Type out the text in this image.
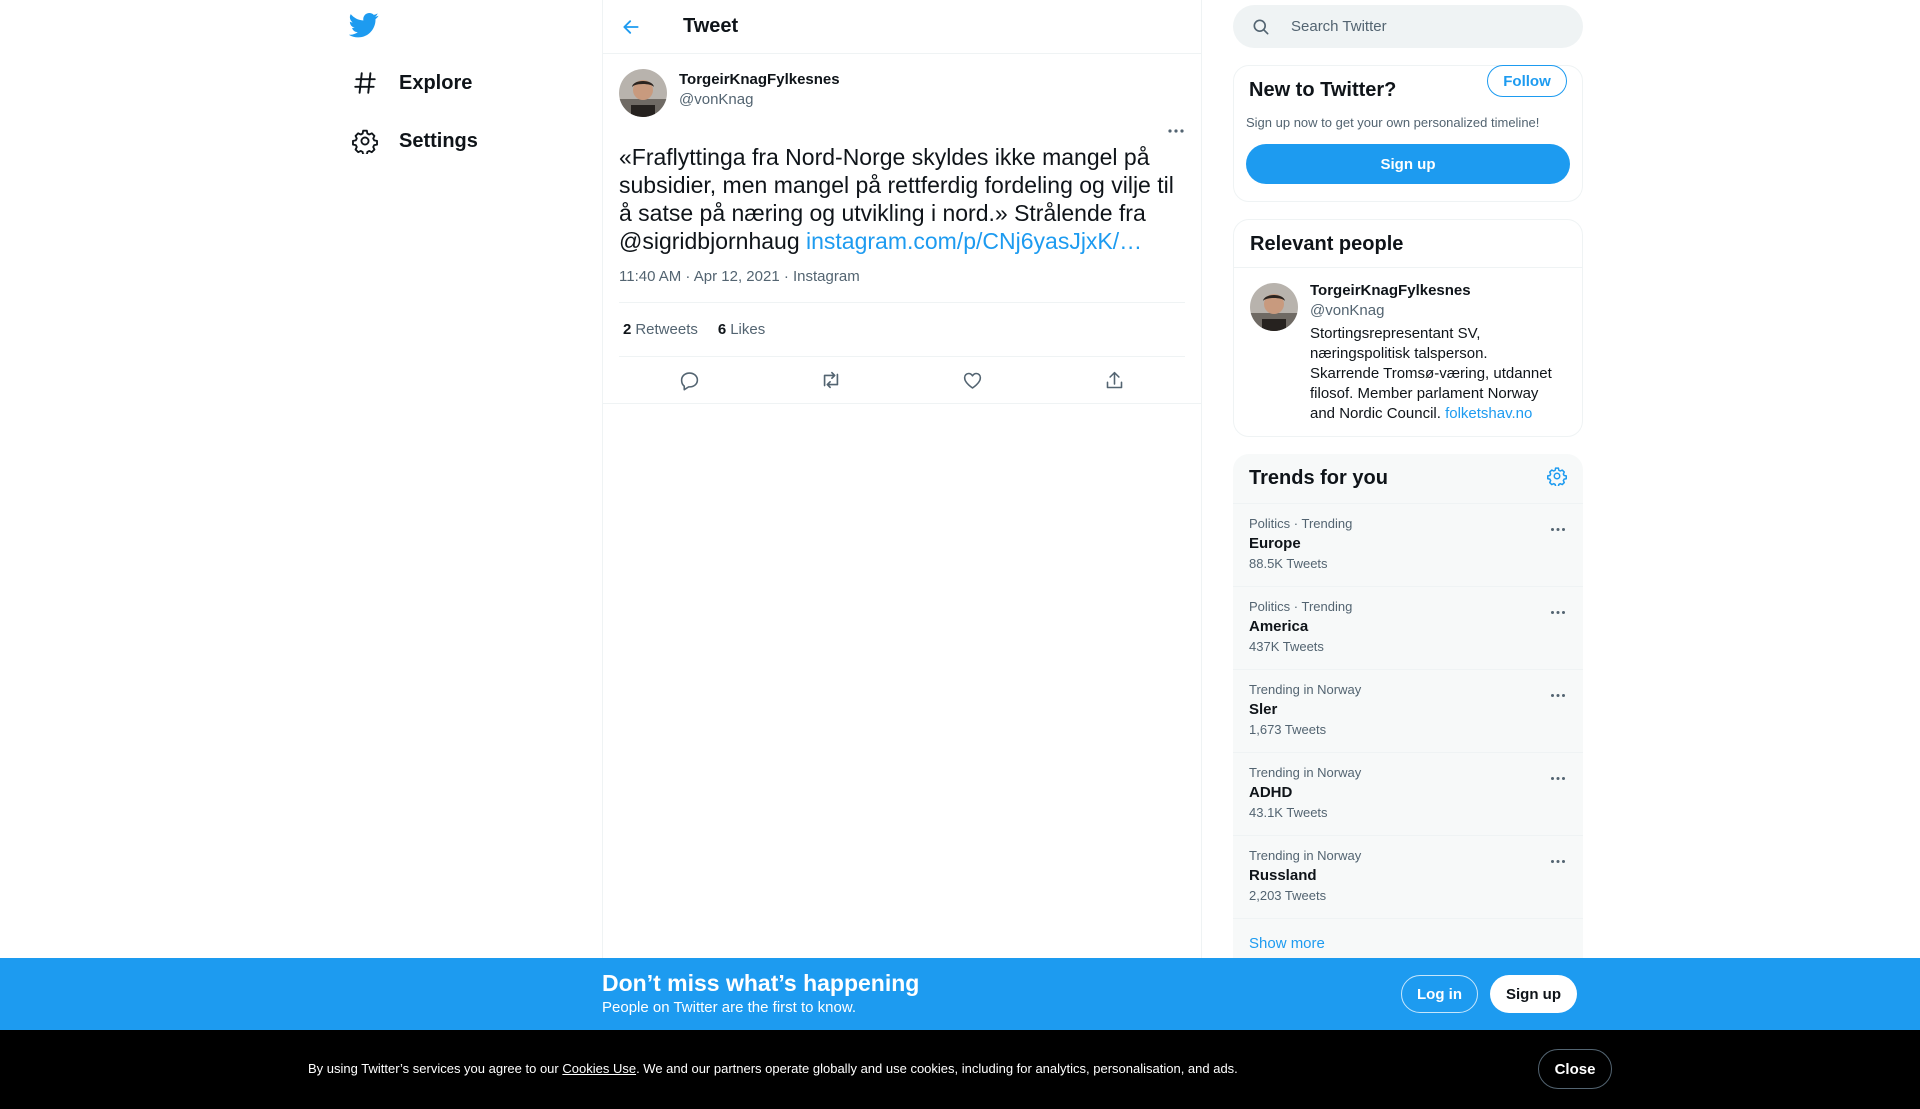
Explore
Settings
Tweet
TorgeirKnagFylkesnes
@vonKnag

«Fraflyttinga fra Nord-Norge skyldes ikke mangel på subsidier, men mangel på rettferdig fordeling og vilje til å satse på næring og utvikling i nord.» Strålende fra @sigridbjornhaug instagram.com/p/CNj6yasJjxK/…

11:40 AM · Apr 12, 2021 · Instagram
2 Retweets 6 Likes
Search Twitter
New to Twitter?

Sign up now to get your own personalized timeline!

Sign up
Relevant people
TorgeirKnagFylkesnes
@vonKnag

Stortingsrepresentant SV, næringspolitisk talsperson. Skarrende Tromsø-væring, utdannet filosof. Member parlament Norway and Nordic Council. folketshav.no

Follow
Trends for you
Politics · Trending
Europe
88.5K Tweets
Politics · Trending
America
437K Tweets
Trending in Norway
Sler
1,673 Tweets
Trending in Norway
ADHD
43.1K Tweets
Trending in Norway
Russland
2,203 Tweets
Show more
Don’t miss what’s happening
People on Twitter are the first to know.
Log in	Sign up

By using Twitter’s services you agree to our Cookies Use. We and our partners operate globally and use cookies, including for analytics, personalisation, and ads.	Close
